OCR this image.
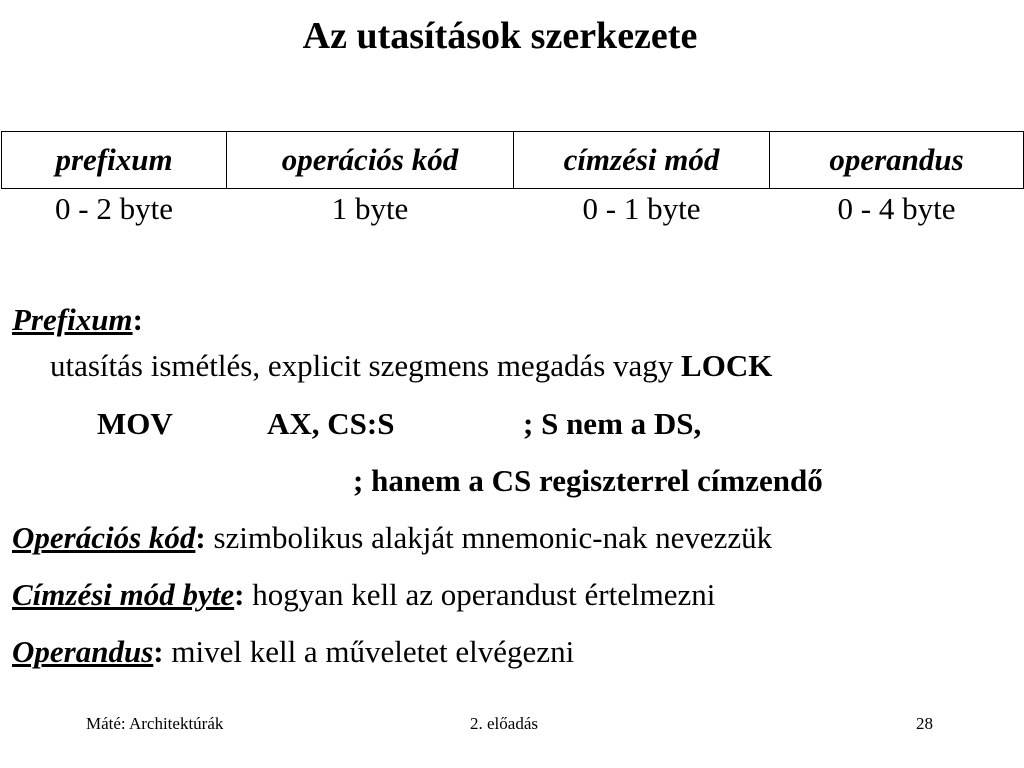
Az utasítások szerkezete
prefixum	operációs kód	címzési mód	operandus
0 - 2 byte	1 byte	0 - 1 byte	0 - 4 byte
Prefixum:
utasítás ismétlés, explicit szegmens megadás vagy LOCK
MOV	AX, CS:S	; S nem a DS,
; hanem a CS regiszterrel címzendő
Operációs kód: szimbolikus alakját mnemonic-nak nevezzük
Címzési mód byte: hogyan kell az operandust értelmezni
Operandus: mivel kell a műveletet elvégezni
Máté: Architektúrák	2. előadás	28
